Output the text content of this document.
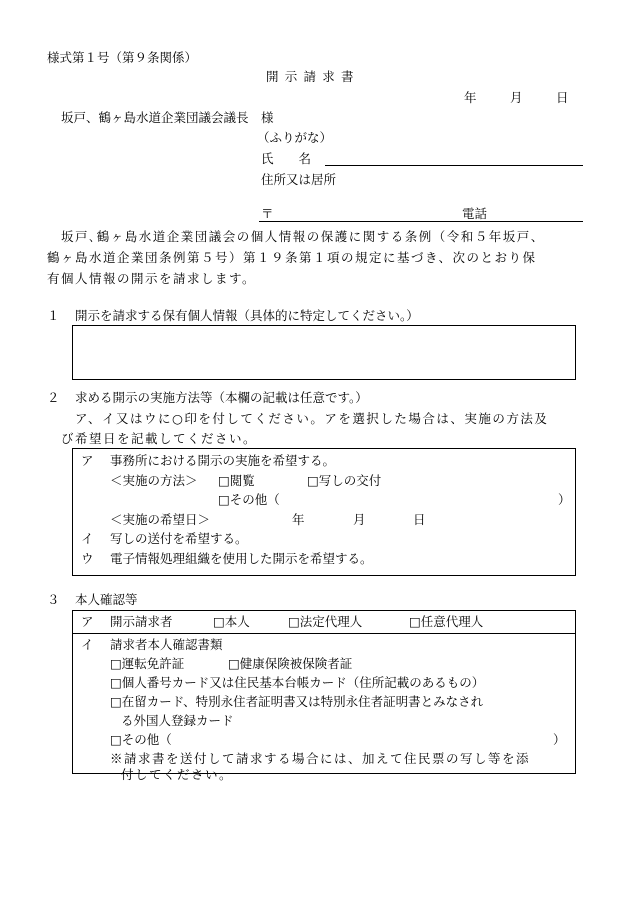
様式第１号（第９条関係）
開示請求書
年	月	日
坂戸、鶴ヶ島水道企業団議会議長　様
（ふりがな）
氏　　名
住所又は居所
〒	電話
坂戸､鶴ヶ島水道企業団議会の個人情報の保護に関する条例（令和５年坂戸、
鶴ヶ島水道企業団条例第５号）第１９条第１項の規定に基づき、次のとおり保
有個人情報の開示を請求します。
１ 開示を請求する保有個人情報（具体的に特定してください。）
２ 求める開示の実施方法等（本欄の記載は任意です。）
ア、イ又はウに○印を付してください。アを選択した場合は、実施の方法及
び希望日を記載してください。
ア 事務所における開示の実施を希望する。
＜実施の方法＞ □閲覧	□写しの交付
□その他（	）
＜実施の希望日＞	年	月	日
イ 写しの送付を希望する。
ウ 電子情報処理組織を使用した開示を希望する。
３ 本人確認等
ア 開示請求者	□本人	□法定代理人	□任意代理人
イ 請求者本人確認書類
□運転免許証	□健康保険被保険者証
□個人番号カード又は住民基本台帳カード（住所記載のあるもの）
□在留カード、特別永住者証明書又は特別永住者証明書とみなされ
る外国人登録カード
□その他（	）
※請求書を送付して請求する場合には、加えて住民票の写し等を添
付してください。
